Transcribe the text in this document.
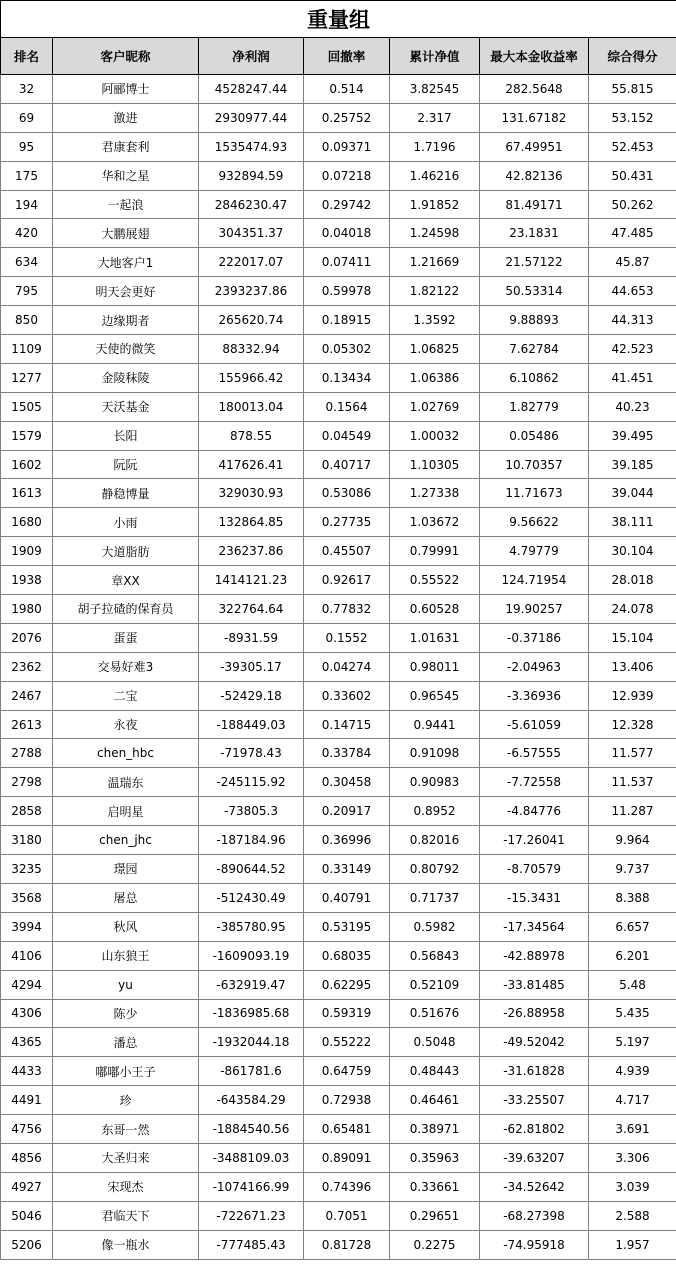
重量组						
排名	客户昵称	净利润	回撤率	累计净值	最大本金收益率	综合得分
32	阿郦博士	4528247.44	0.514	3.82545	282.5648	55.815
69	激进	2930977.44	0.25752	2.317	131.67182	53.152
95	君康套利	1535474.93	0.09371	1.7196	67.49951	52.453
175	华和之星	932894.59	0.07218	1.46216	42.82136	50.431
194	一起浪	2846230.47	0.29742	1.91852	81.49171	50.262
420	大鹏展翅	304351.37	0.04018	1.24598	23.1831	47.485
634	大地客户1	222017.07	0.07411	1.21669	21.57122	45.87
795	明天会更好	2393237.86	0.59978	1.82122	50.53314	44.653
850	边缘期者	265620.74	0.18915	1.3592	9.88893	44.313
1109	天使的微笑	88332.94	0.05302	1.06825	7.62784	42.523
1277	金陵秣陵	155966.42	0.13434	1.06386	6.10862	41.451
1505	天沃基金	180013.04	0.1564	1.02769	1.82779	40.23
1579	长阳	878.55	0.04549	1.00032	0.05486	39.495
1602	阮阮	417626.41	0.40717	1.10305	10.70357	39.185
1613	静稳博量	329030.93	0.53086	1.27338	11.71673	39.044
1680	小雨	132864.85	0.27735	1.03672	9.56622	38.111
1909	大道脂肪	236237.86	0.45507	0.79991	4.79779	30.104
1938	章XX	1414121.23	0.92617	0.55522	124.71954	28.018
1980	胡子拉碴的保育员	322764.64	0.77832	0.60528	19.90257	24.078
2076	蛋蛋	-8931.59	0.1552	1.01631	-0.37186	15.104
2362	交易好难3	-39305.17	0.04274	0.98011	-2.04963	13.406
2467	二宝	-52429.18	0.33602	0.96545	-3.36936	12.939
2613	永夜	-188449.03	0.14715	0.9441	-5.61059	12.328
2788	chen_hbc	-71978.43	0.33784	0.91098	-6.57555	11.577
2798	温瑞东	-245115.92	0.30458	0.90983	-7.72558	11.537
2858	启明星	-73805.3	0.20917	0.8952	-4.84776	11.287
3180	chen_jhc	-187184.96	0.36996	0.82016	-17.26041	9.964
3235	璟园	-890644.52	0.33149	0.80792	-8.70579	9.737
3568	屠总	-512430.49	0.40791	0.71737	-15.3431	8.388
3994	秋风	-385780.95	0.53195	0.5982	-17.34564	6.657
4106	山东狼王	-1609093.19	0.68035	0.56843	-42.88978	6.201
4294	yu	-632919.47	0.62295	0.52109	-33.81485	5.48
4306	陈少	-1836985.68	0.59319	0.51676	-26.88958	5.435
4365	潘总	-1932044.18	0.55222	0.5048	-49.52042	5.197
4433	嘟嘟小王子	-861781.6	0.64759	0.48443	-31.61828	4.939
4491	珍	-643584.29	0.72938	0.46461	-33.25507	4.717
4756	东哥一然	-1884540.56	0.65481	0.38971	-62.81802	3.691
4856	大圣归来	-3488109.03	0.89091	0.35963	-39.63207	3.306
4927	宋现杰	-1074166.99	0.74396	0.33661	-34.52642	3.039
5046	君临天下	-722671.23	0.7051	0.29651	-68.27398	2.588
5206	像一瓶水	-777485.43	0.81728	0.2275	-74.95918	1.957
